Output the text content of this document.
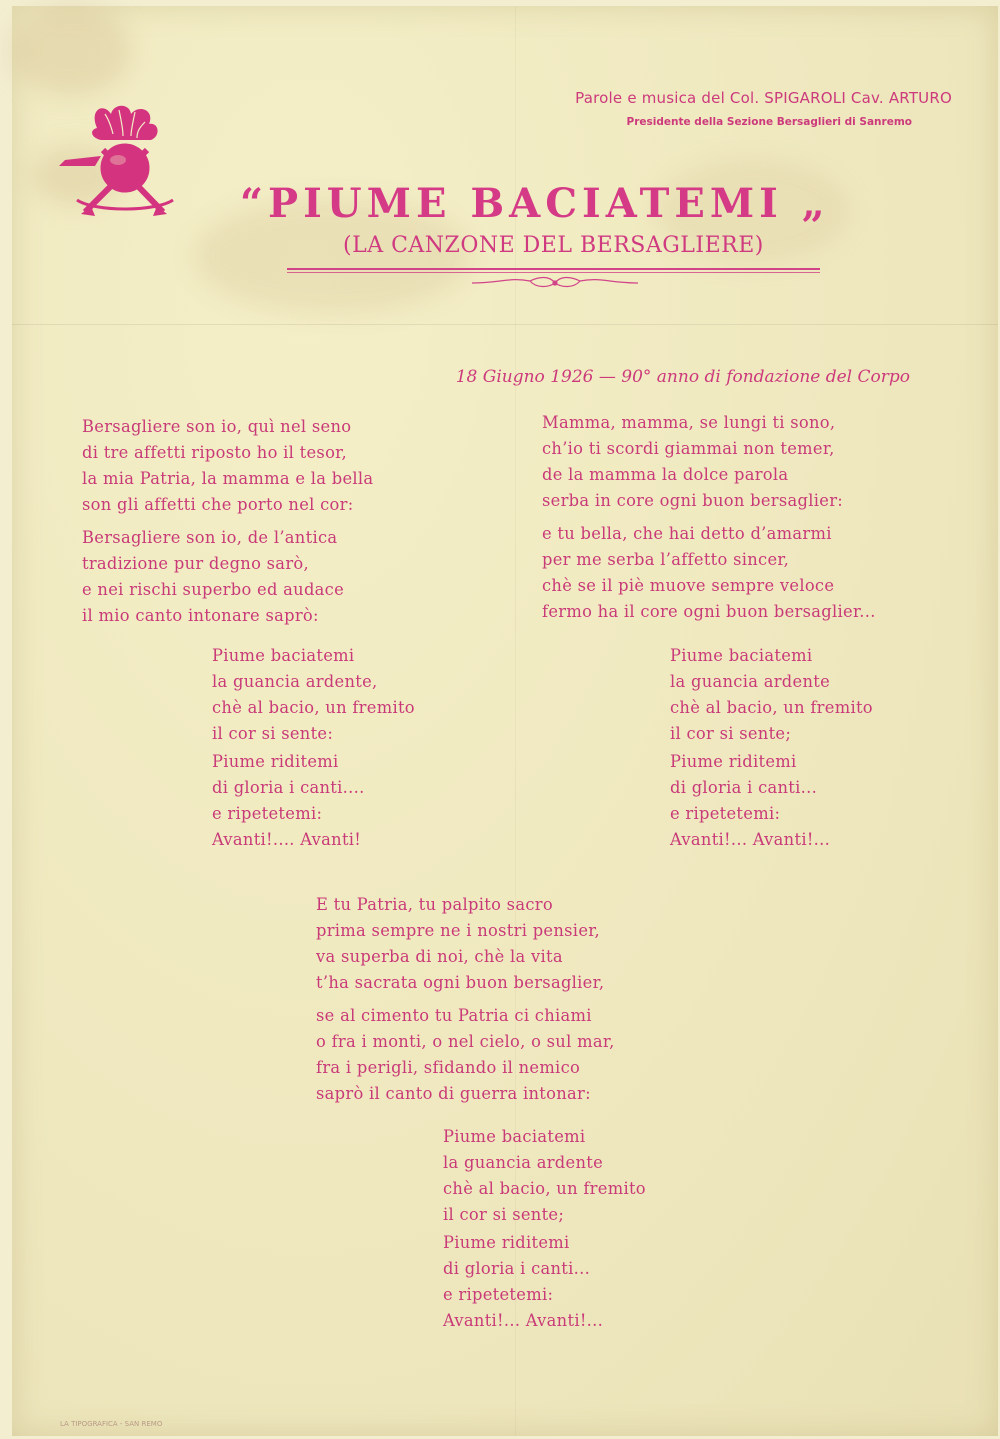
Parole e musica del Col. SPIGAROLI Cav. ARTURO
Presidente della Sezione Bersaglieri di Sanremo
“PIUME BACIATEMI „
(LA CANZONE DEL BERSAGLIERE)
18 Giugno 1926 — 90° anno di fondazione del Corpo
Bersagliere son io, quì nel seno
di tre affetti riposto ho il tesor,
la mia Patria, la mamma e la bella
son gli affetti che porto nel cor:
Bersagliere son io, de l’antica
tradizione pur degno sarò,
e nei rischi superbo ed audace
il mio canto intonare saprò:
Piume baciatemi
la guancia ardente,
chè al bacio, un fremito
il cor si sente:
Piume riditemi
di gloria i canti....
e ripetetemi:
Avanti!.... Avanti!
Mamma, mamma, se lungi ti sono,
ch’io ti scordi giammai non temer,
de la mamma la dolce parola
serba in core ogni buon bersaglier:
e tu bella, che hai detto d’amarmi
per me serba l’affetto sincer,
chè se il piè muove sempre veloce
fermo ha il core ogni buon bersaglier...
Piume baciatemi
la guancia ardente
chè al bacio, un fremito
il cor si sente;
Piume riditemi
di gloria i canti...
e ripetetemi:
Avanti!... Avanti!...
E tu Patria, tu palpito sacro
prima sempre ne i nostri pensier,
va superba di noi, chè la vita
t’ha sacrata ogni buon bersaglier,
se al cimento tu Patria ci chiami
o fra i monti, o nel cielo, o sul mar,
fra i perigli, sfidando il nemico
saprò il canto di guerra intonar:
Piume baciatemi
la guancia ardente
chè al bacio, un fremito
il cor si sente;
Piume riditemi
di gloria i canti...
e ripetetemi:
Avanti!... Avanti!...
LA TIPOGRAFICA - SAN REMO
